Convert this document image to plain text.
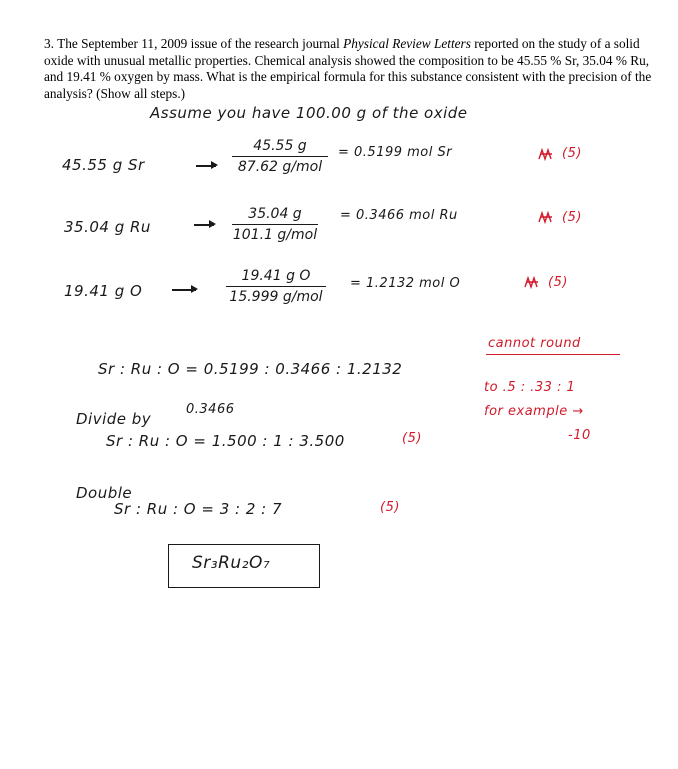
3. The September 11, 2009 issue of the research journal Physical Review Letters reported on the study of a solid oxide with unusual metallic properties. Chemical analysis showed the composition to be 45.55 % Sr, 35.04 % Ru, and 19.41 % oxygen by mass. What is the empirical formula for this substance consistent with the precision of the analysis? (Show all steps.)
Assume you have 100.00 g of the oxide
45.55 g Sr
45.55 g
87.62 g/mol
= 0.5199 mol Sr	(5)
35.04 g Ru
35.04 g
101.1 g/mol
= 0.3466 mol Ru	(5)
19.41 g O
19.41 g O
15.999 g/mol
= 1.2132 mol O	(5)
cannot round
to .5 : .33 : 1
for example →
-10
Sr : Ru : O = 0.5199 : 0.3466 : 1.2132
Divide by
0.3466
Sr : Ru : O = 1.500 : 1 : 3.500	(5)
Double
Sr : Ru : O = 3 : 2 : 7	(5)
Sr₃Ru₂O₇
